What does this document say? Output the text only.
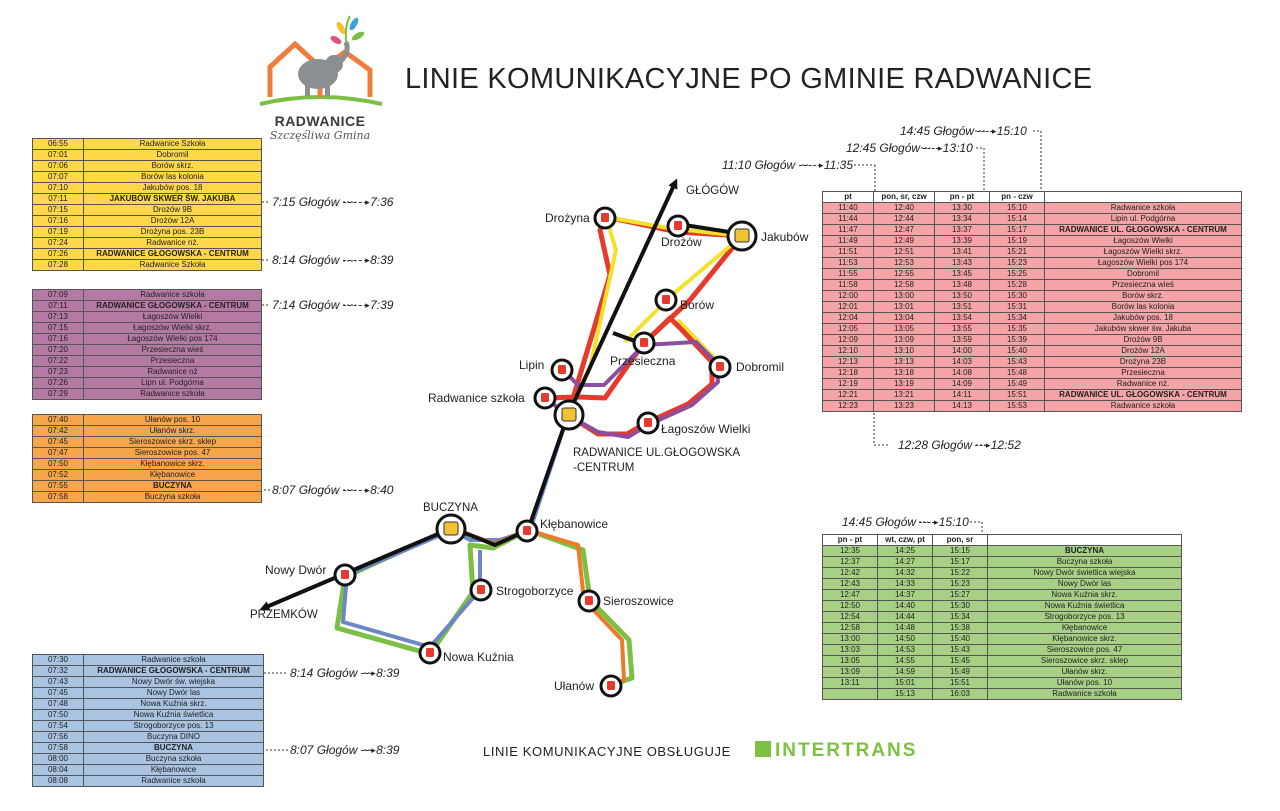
RADWANICE
Szczęśliwa Gmina
LINIE KOMUNIKACYJNE PO GMINIE RADWANICE
GŁÓGÓW
PRZEMKÓW
Drożyna
Drożów	Jakubów
Borów
Przesieczna	Dobromil
Lipin
Radwanice szkoła
Łagoszów Wielki
RADWANICE UL.GŁOGOWSKA
-CENTRUM
BUCZYNA
Kłębanowice
Nowy Dwór
Strogoborzyce
Sieroszowice
Nowa Kuźnia
Ułanów
06:55	Radwanice Szkoła
07:01	Dobromil
07:06	Borów skrz.
07:07	Borów las kolonia
07:10	Jakubów pos. 18
07:11	JAKUBÓW SKWER ŚW. JAKUBA
07:15	Drożów 9B
07:16	Drożów 12A
07:19	Drożyna pos. 23B
07:24	Radwanice nż.
07:26	RADWANICE GŁOGOWSKA - CENTRUM
07:28	Radwanice Szkoła
07:09	Radwanice szkoła
07:11	RADWANICE GŁOGOWSKA - CENTRUM
07:13	Łagoszów Wielki
07:15	Łagoszów Wielki skrz.
07:16	Łagoszów Wielki pos 174
07:20	Przesieczna wieś
07:22	Przesieczna
07:23	Radwanice nż
07:26	Lipn ul. Podgórna
07:29	Radwanice szkoła
07:40	Ułanów pos. 10
07:42	Ułanów skrz.
07:45	Sieroszowice skrz. sklep
07:47	Sieroszowice pos. 47
07:50	Kłębanowice skrz.
07:52	Kłębanowice
07:55	BUCZYNA
07:58	Buczyna szkoła
07:30	Radwanice szkoła
07:32	RADWANICE GŁOGOWSKA - CENTRUM
07:43	Nowy Dwór św. wiejska
07:45	Nowy Dwór las
07:48	Nowa Kuźnia skrz.
07:50	Nowa Kuźnia świetlica
07:54	Strogoborzyce pos. 13
07:56	Buczyna DINO
07:58	BUCZYNA
08:00	Buczyna szkoła
08:04	Kłębanowice
08:08	Radwanice szkoła
pt	pon, sr, czw	pn - pt	pn - czw	
11:40	12:40	13:30	15:10	Radwanice szkoła
11:44	12:44	13:34	15:14	Lipin ul. Podgórna
11:47	12:47	13:37	15:17	RADWANICE UL. GŁOGOWSKA - CENTRUM
11:49	12:49	13:39	15:19	Łagoszów Wielki
11:51	12:51	13:41	15:21	Łagoszów Wielki skrz.
11:53	12:53	13:43	15:23	Łagoszów Wielki pos 174
11:55	12:55	13:45	15:25	Dobromil
11:58	12:58	13:48	15:28	Przesieczna wieś
12:00	13:00	13:50	15:30	Borów skrz.
12:01	13:01	13:51	15:31	Borów las kolonia
12:04	13:04	13:54	15:34	Jakubów pos. 18
12:05	13:05	13:55	15:35	Jakubów skwer św. Jakuba
12:09	13:09	13:59	15:39	Drożów 9B
12:10	13:10	14:00	15:40	Drożów 12A
12:13	13:13	14:03	15:43	Drożyna 23B
12:18	13:18	14:08	15:48	Przesieczna
12:19	13:19	14:09	15:49	Radwanice nż.
12:21	13:21	14:11	15:51	RADWANICE UL. GŁOGOWSKA - CENTRUM
12:23	13:23	14:13	15:53	Radwanice szkoła
pn - pt	wt, czw, pt	pon, sr	
12:35	14:25	15:15	BUCZYNA
12:37	14:27	15:17	Buczyna szkoła
12:42	14:32	15:22	Nowy Dwór świetlica wiejska
12:43	14:33	15:23	Nowy Dwór las
12:47	14:37	15:27	Nowa Kuźnia skrz.
12:50	14:40	15:30	Nowa Kuźnia świetlica
12:54	14:44	15:34	Strogoborzyce pos. 13
12:58	14:48	15:38	Kłębanowice
13:00	14:50	15:40	Kłębanowice skrz.
13:03	14:53	15:43	Sieroszowice pos. 47
13:05	14:55	15:45	Sieroszowice skrz. sklep
13:09	14:59	15:49	Ułanów skrz.
13:11	15:01	15:51	Ułanów pos. 10
	15:13	16:03	Radwanice szkoła
7:15 Głogów	▸ 7:36
8:14 Głogów	▸ 8:39
7:14 Głogów	▸ 7:39
8:07 Głogów	▸ 8:40
8:14 Głogów ▸ 8:39
8:07 Głogów ▸ 8:39
14:45 Głogów ▸ 15:10
12:45 Głogów ▸ 13:10
11:10 Głogów	▸ 11:35
12:28 Głogów ▸ 12:52
14:45 Głogów ▸ 15:10
LINIE KOMUNIKACYJNE OBSŁUGUJE INTERTRANS
